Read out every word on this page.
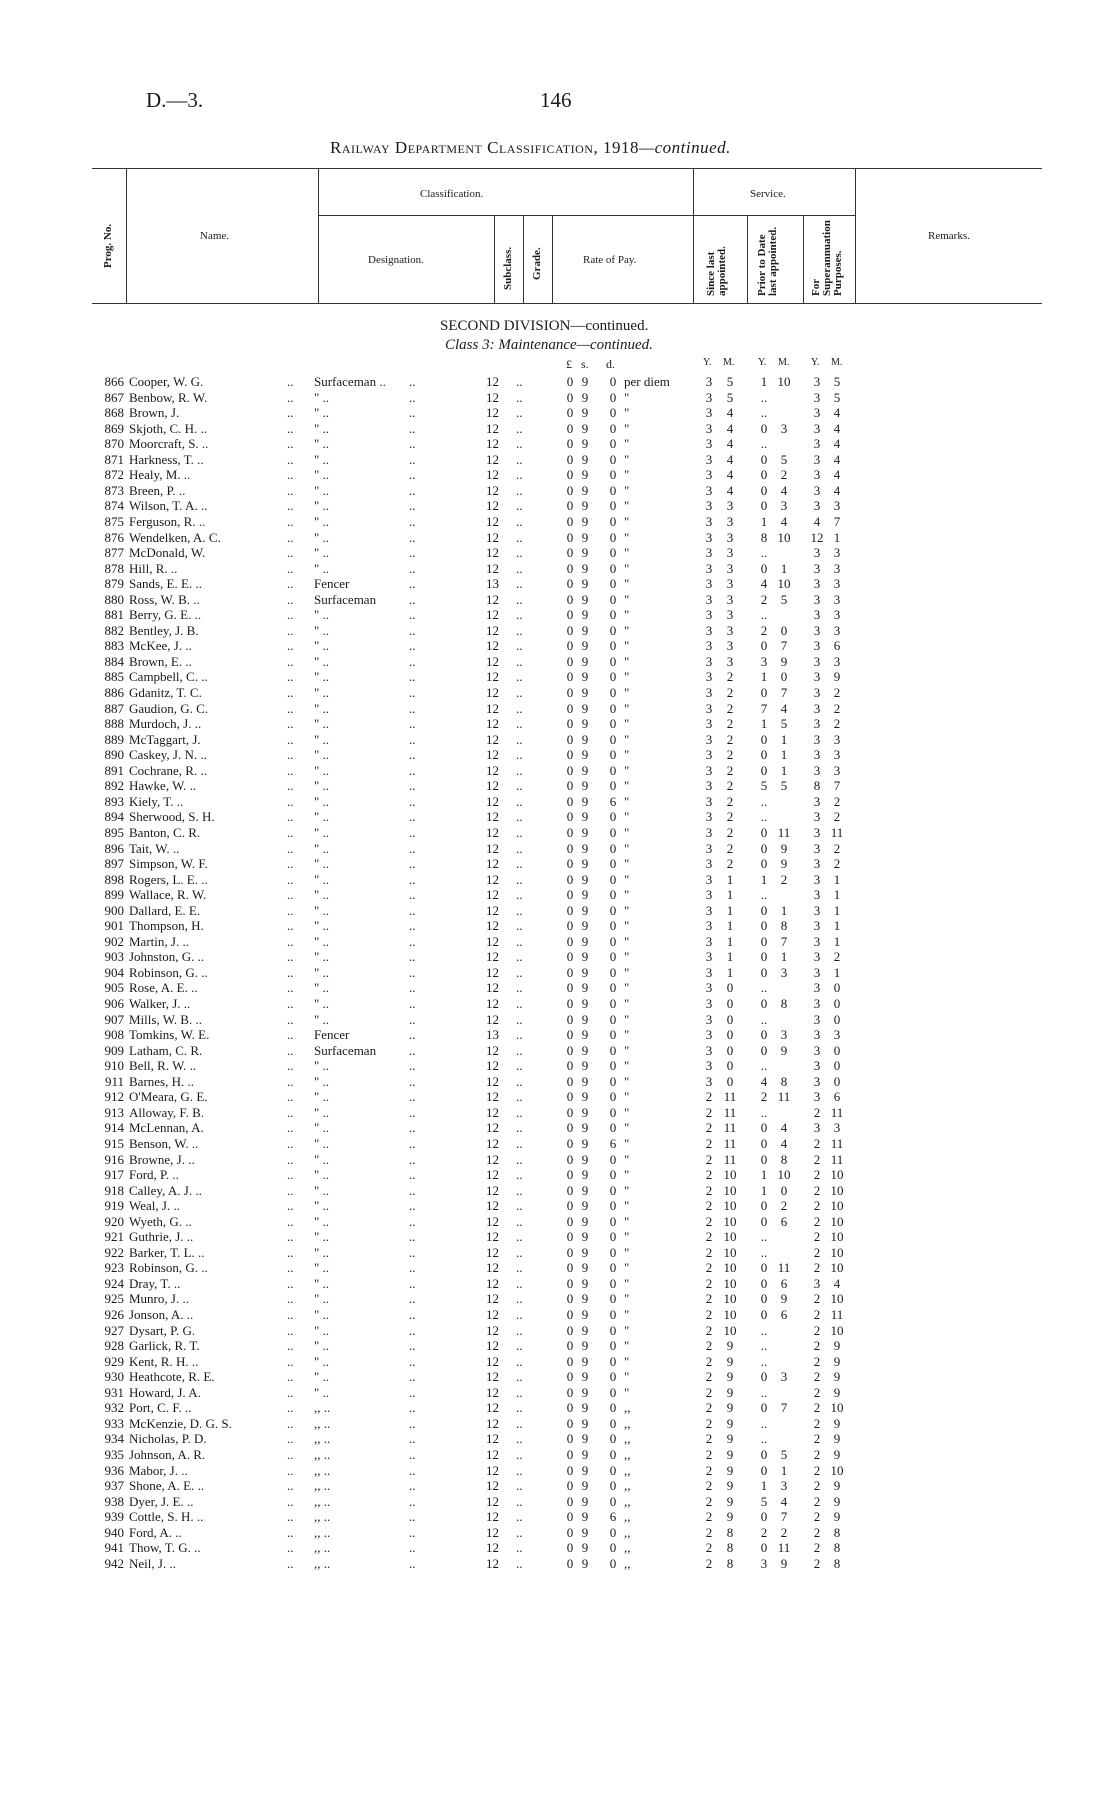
D.—3.	146
Railway Department Classification, 1918—continued.
Prog. No.	Name.
Classification.
Designation.	Subclass. Grade.	Rate of Pay.
Service.
Since last appointed.	Prior to Date last appointed.	For Superannuation Purposes.
Remarks.
SECOND DIVISION—continued.
Class 3: Maintenance—continued.
£ s. d.	Y. M. Y. M. Y. M.
866 Cooper, W. G.	.. Surfaceman .. ..	12 ..	0 9 0 per diem	3 5 1 10 3 5
867 Benbow, R. W.	.. " ..	..	12 ..	0 9 0 "	3 5 ..	3 5
868 Brown, J.	.. " ..	..	12 ..	0 9 0 "	3 4 ..	3 4
869 Skjoth, C. H. ..	.. " ..	..	12 ..	0 9 0 "	3 4 0	3	3 4
870 Moorcraft, S. ..	.. " ..	..	12 ..	0 9 0 "	3 4 ..	3 4
871 Harkness, T. ..	.. " ..	..	12 ..	0 9 0 "	3 4 0	5	3 4
872 Healy, M. ..	.. " ..	..	12 ..	0 9 0 "	3 4 0	2	3 4
873 Breen, P. ..	.. " ..	..	12 ..	0 9 0 "	3 4 0	4	3 4
874 Wilson, T. A. ..	.. " ..	..	12 ..	0 9 0 "	3 3 0	3	3 3
875 Ferguson, R. ..	.. " ..	..	12 ..	0 9 0 "	3 3 1	4	4 7
876 Wendelken, A. C.	.. " ..	..	12 ..	0 9 0 "	3 3 8 10 12 1
877 McDonald, W.	.. " ..	..	12 ..	0 9 0 "	3 3 ..	3 3
878 Hill, R. ..	.. " ..	..	12 ..	0 9 0 "	3 3 0	1	3 3
879 Sands, E. E. ..	.. Fencer	..	13 ..	0 9 0 "	3 3 4 10 3 3
880 Ross, W. B. ..	.. Surfaceman	..	12 ..	0 9 0 "	3 3 2	5	3 3
881 Berry, G. E. ..	.. " ..	..	12 ..	0 9 0 "	3 3 ..	3 3
882 Bentley, J. B.	.. " ..	..	12 ..	0 9 0 "	3 3 2	0	3 3
883 McKee, J. ..	.. " ..	..	12 ..	0 9 0 "	3 3 0	7	3 6
884 Brown, E. ..	.. " ..	..	12 ..	0 9 0 "	3 3 3	9	3 3
885 Campbell, C. ..	.. " ..	..	12 ..	0 9 0 "	3 2 1	0	3 9
886 Gdanitz, T. C.	.. " ..	..	12 ..	0 9 0 "	3 2 0	7	3 2
887 Gaudion, G. C.	.. " ..	..	12 ..	0 9 0 "	3 2 7	4	3 2
888 Murdoch, J. ..	.. " ..	..	12 ..	0 9 0 "	3 2 1	5	3 2
889 McTaggart, J.	.. " ..	..	12 ..	0 9 0 "	3 2 0	1	3 3
890 Caskey, J. N. ..	.. " ..	..	12 ..	0 9 0 "	3 2 0	1	3 3
891 Cochrane, R. ..	.. " ..	..	12 ..	0 9 0 "	3 2 0	1	3 3
892 Hawke, W. ..	.. " ..	..	12 ..	0 9 0 "	3 2 5	5	8 7
893 Kiely, T. ..	.. " ..	..	12 ..	0 9 6 "	3 2 ..	3 2
894 Sherwood, S. H.	.. " ..	..	12 ..	0 9 0 "	3 2 ..	3 2
895 Banton, C. R.	.. " ..	..	12 ..	0 9 0 "	3 2 0 11 3 11
896 Tait, W. ..	.. " ..	..	12 ..	0 9 0 "	3 2 0	9	3 2
897 Simpson, W. F.	.. " ..	..	12 ..	0 9 0 "	3 2 0	9	3 2
898 Rogers, L. E. ..	.. " ..	..	12 ..	0 9 0 "	3 1 1	2	3 1
899 Wallace, R. W.	.. " ..	..	12 ..	0 9 0 "	3 1 ..	3 1
900 Dallard, E. E.	.. " ..	..	12 ..	0 9 0 "	3 1 0	1	3 1
901 Thompson, H.	.. " ..	..	12 ..	0 9 0 "	3 1 0	8	3 1
902 Martin, J. ..	.. " ..	..	12 ..	0 9 0 "	3 1 0	7	3 1
903 Johnston, G. ..	.. " ..	..	12 ..	0 9 0 "	3 1 0	1	3 2
904 Robinson, G. ..	.. " ..	..	12 ..	0 9 0 "	3 1 0	3	3 1
905 Rose, A. E. ..	.. " ..	..	12 ..	0 9 0 "	3 0 ..	3 0
906 Walker, J. ..	.. " ..	..	12 ..	0 9 0 "	3 0 0	8	3 0
907 Mills, W. B. ..	.. " ..	..	12 ..	0 9 0 "	3 0 ..	3 0
908 Tomkins, W. E.	.. Fencer	..	13 ..	0 9 0 "	3 0 0	3	3 3
909 Latham, C. R.	.. Surfaceman	..	12 ..	0 9 0 "	3 0 0	9	3 0
910 Bell, R. W. ..	.. " ..	..	12 ..	0 9 0 "	3 0 ..	3 0
911 Barnes, H. ..	.. " ..	..	12 ..	0 9 0 "	3 0 4	8	3 0
912 O'Meara, G. E.	.. " ..	..	12 ..	0 9 0 "	2 11 2 11 3 6
913 Alloway, F. B.	.. " ..	..	12 ..	0 9 0 "	2 11 ..	2 11
914 McLennan, A.	.. " ..	..	12 ..	0 9 0 "	2 11 0	4	3 3
915 Benson, W. ..	.. " ..	..	12 ..	0 9 6 "	2 11 0	4	2 11
916 Browne, J. ..	.. " ..	..	12 ..	0 9 0 "	2 11 0	8	2 11
917 Ford, P. ..	.. " ..	..	12 ..	0 9 0 "	2 10 1 10 2 10
918 Calley, A. J. ..	.. " ..	..	12 ..	0 9 0 "	2 10 1	0	2 10
919 Weal, J. ..	.. " ..	..	12 ..	0 9 0 "	2 10 0	2	2 10
920 Wyeth, G. ..	.. " ..	..	12 ..	0 9 0 "	2 10 0	6	2 10
921 Guthrie, J. ..	.. " ..	..	12 ..	0 9 0 "	2 10 ..	2 10
922 Barker, T. L. ..	.. " ..	..	12 ..	0 9 0 "	2 10 ..	2 10
923 Robinson, G. ..	.. " ..	..	12 ..	0 9 0 "	2 10 0 11 2 10
924 Dray, T. ..	.. " ..	..	12 ..	0 9 0 "	2 10 0	6	3 4
925 Munro, J. ..	.. " ..	..	12 ..	0 9 0 "	2 10 0	9	2 10
926 Jonson, A. ..	.. " ..	..	12 ..	0 9 0 "	2 10 0	6	2 11
927 Dysart, P. G.	.. " ..	..	12 ..	0 9 0 "	2 10 ..	2 10
928 Garlick, R. T.	.. " ..	..	12 ..	0 9 0 "	2 9 ..	2 9
929 Kent, R. H. ..	.. " ..	..	12 ..	0 9 0 "	2 9 ..	2 9
930 Heathcote, R. E.	.. " ..	..	12 ..	0 9 0 "	2 9 0	3	2 9
931 Howard, J. A.	.. " ..	..	12 ..	0 9 0 "	2 9 ..	2 9
932 Port, C. F. ..	.. ,, ..	..	12 ..	0 9 0 ,,	2 9 0	7	2 10
933 McKenzie, D. G. S.	.. ,, ..	..	12 ..	0 9 0 ,,	2 9 ..	2 9
934 Nicholas, P. D.	.. ,, ..	..	12 ..	0 9 0 ,,	2 9 ..	2 9
935 Johnson, A. R.	.. ,, ..	..	12 ..	0 9 0 ,,	2 9 0	5	2 9
936 Mabor, J. ..	.. ,, ..	..	12 ..	0 9 0 ,,	2 9 0	1	2 10
937 Shone, A. E. ..	.. ,, ..	..	12 ..	0 9 0 ,,	2 9 1	3	2 9
938 Dyer, J. E. ..	.. ,, ..	..	12 ..	0 9 0 ,,	2 9 5	4	2 9
939 Cottle, S. H. ..	.. ,, ..	..	12 ..	0 9 6 ,,	2 9 0	7	2 9
940 Ford, A. ..	.. ,, ..	..	12 ..	0 9 0 ,,	2 8 2	2	2 8
941 Thow, T. G. ..	.. ,, ..	..	12 ..	0 9 0 ,,	2 8 0 11 2 8
942 Neil, J. ..	.. ,, ..	..	12 ..	0 9 0 ,,	2 8 3	9	2 8
